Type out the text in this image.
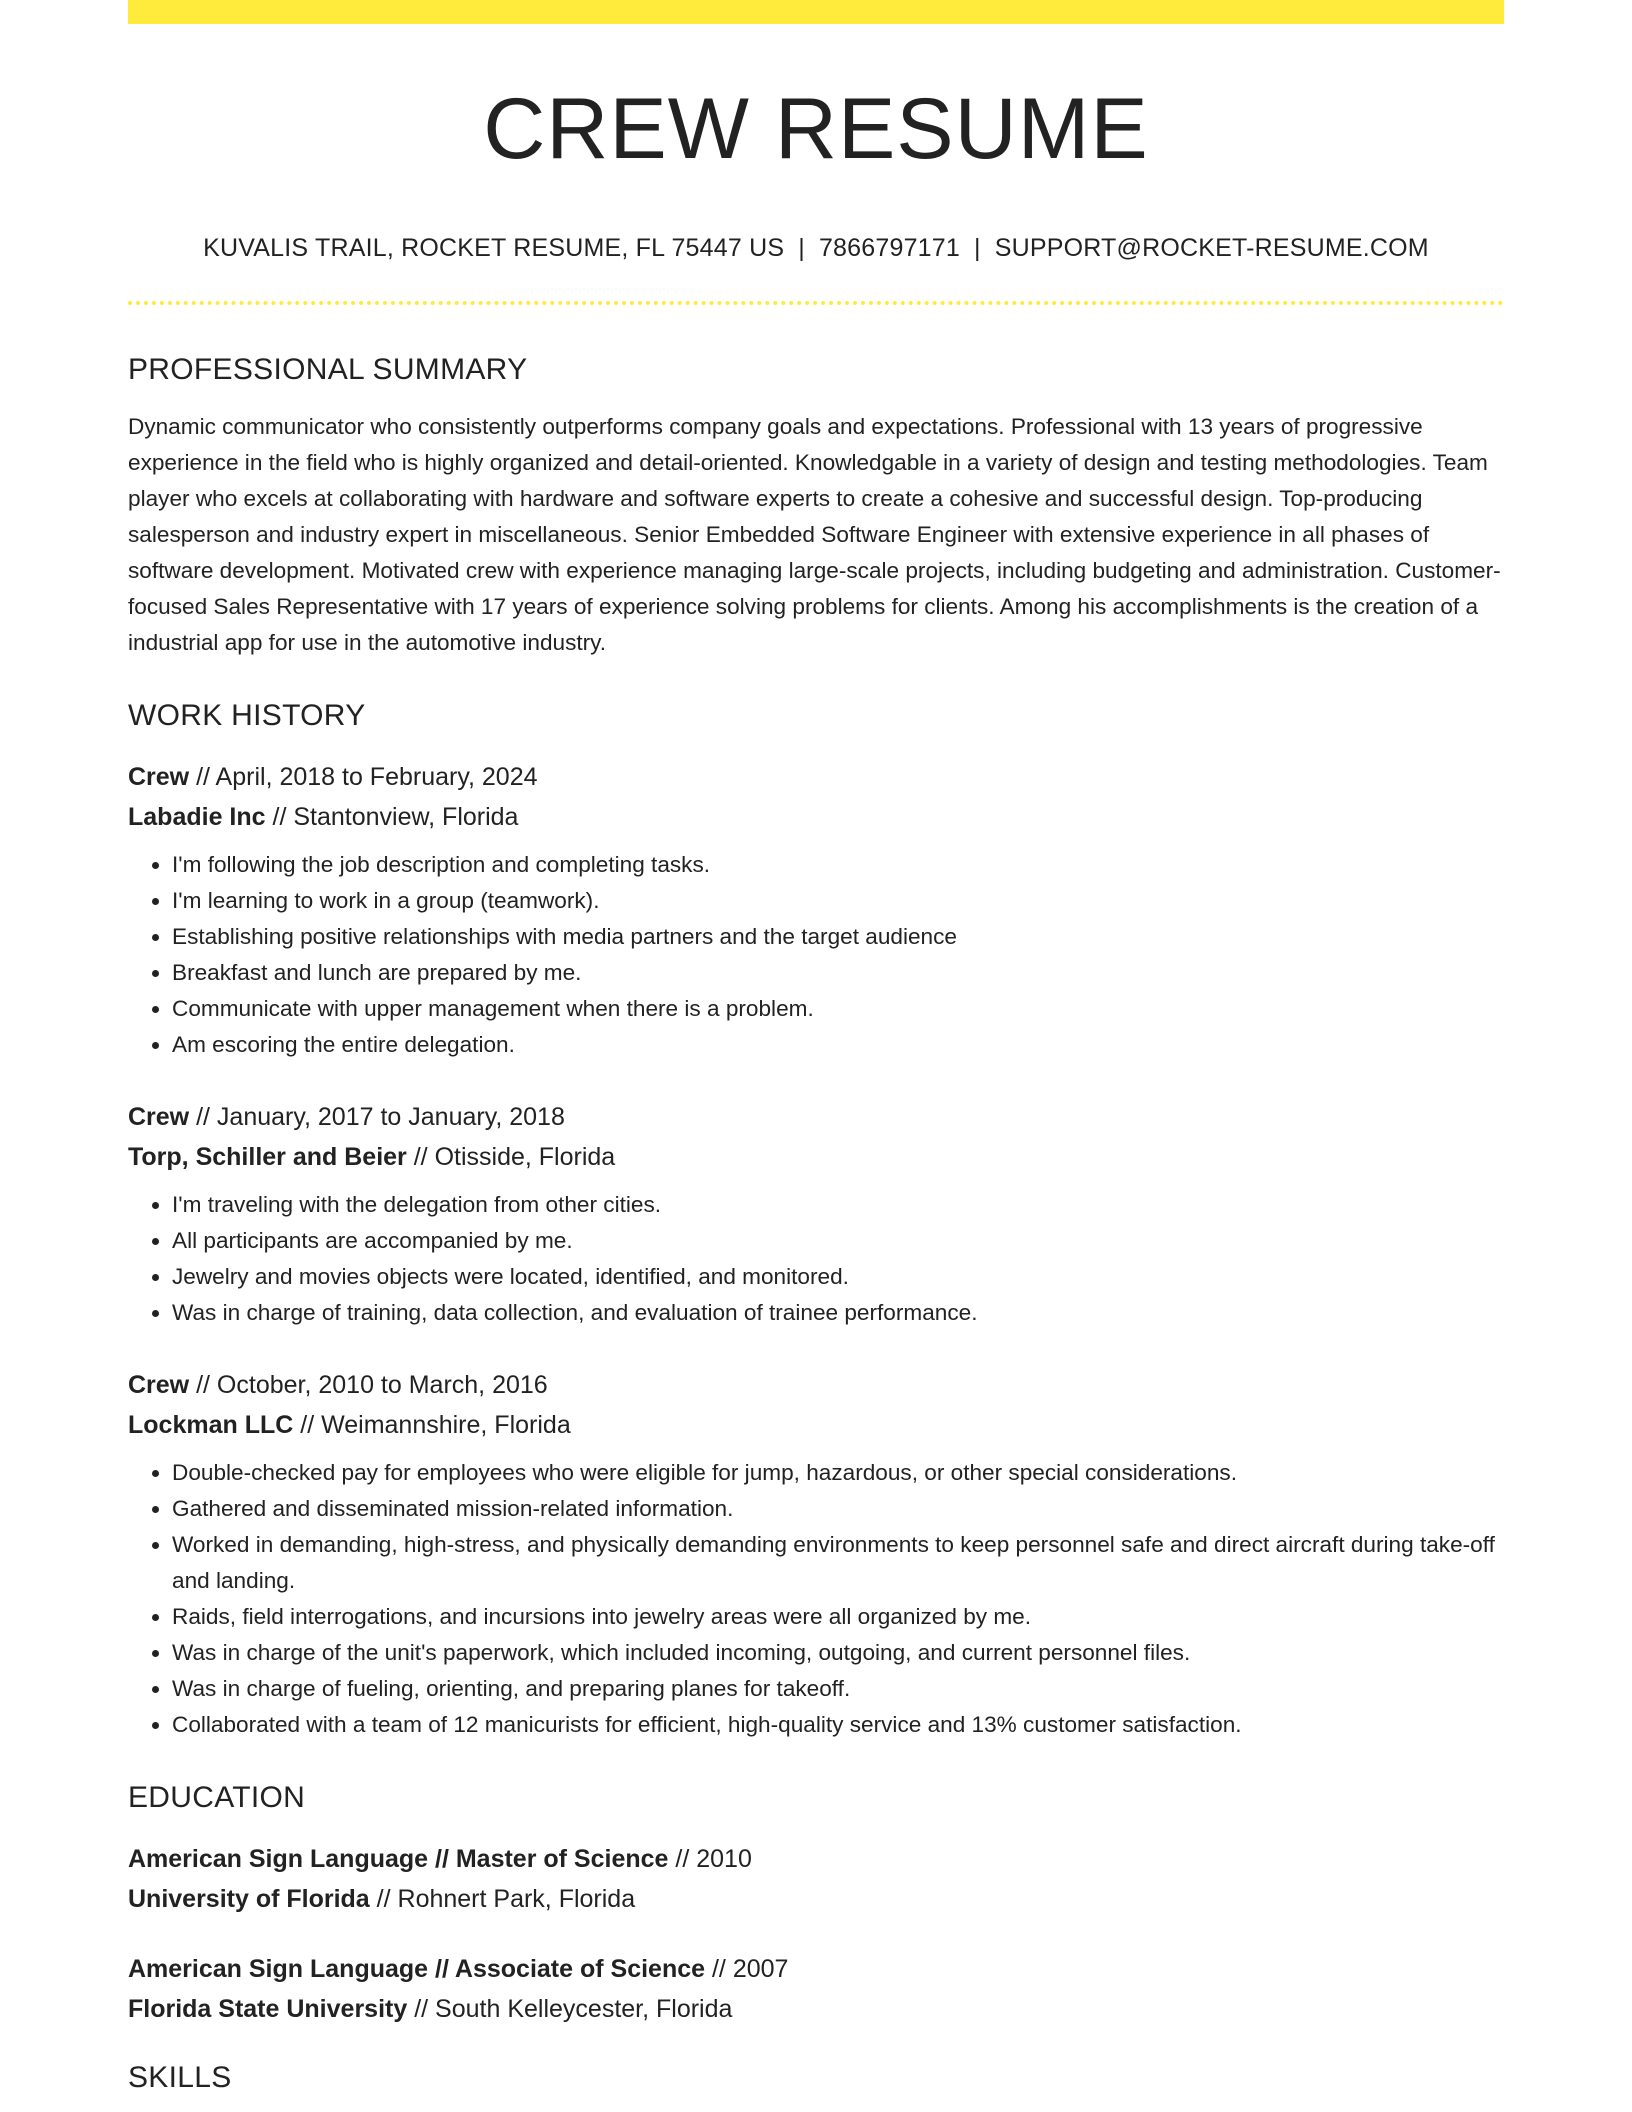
CREW RESUME
KUVALIS TRAIL, ROCKET RESUME, FL 75447 US | 7866797171 | SUPPORT@ROCKET-RESUME.COM
PROFESSIONAL SUMMARY

Dynamic communicator who consistently outperforms company goals and expectations. Professional with 13 years of progressive experience in the field who is highly organized and detail-oriented. Knowledgable in a variety of design and testing methodologies. Team player who excels at collaborating with hardware and software experts to create a cohesive and successful design. Top-producing salesperson and industry expert in miscellaneous. Senior Embedded Software Engineer with extensive experience in all phases of software development. Motivated crew with experience managing large-scale projects, including budgeting and administration. Customer-focused Sales Representative with 17 years of experience solving problems for clients. Among his accomplishments is the creation of a industrial app for use in the automotive industry.

WORK HISTORY
Crew // April, 2018 to February, 2024
Labadie Inc // Stantonview, Florida
• I'm following the job description and completing tasks.
• I'm learning to work in a group (teamwork).
• Establishing positive relationships with media partners and the target audience
• Breakfast and lunch are prepared by me.
• Communicate with upper management when there is a problem.
• Am escoring the entire delegation.
Crew // January, 2017 to January, 2018
Torp, Schiller and Beier // Otisside, Florida
• I'm traveling with the delegation from other cities.
• All participants are accompanied by me.
• Jewelry and movies objects were located, identified, and monitored.
• Was in charge of training, data collection, and evaluation of trainee performance.
Crew // October, 2010 to March, 2016
Lockman LLC // Weimannshire, Florida
• Double-checked pay for employees who were eligible for jump, hazardous, or other special considerations.
• Gathered and disseminated mission-related information.
• Worked in demanding, high-stress, and physically demanding environments to keep personnel safe and direct aircraft during take-off and landing.
• Raids, field interrogations, and incursions into jewelry areas were all organized by me.
• Was in charge of the unit's paperwork, which included incoming, outgoing, and current personnel files.
• Was in charge of fueling, orienting, and preparing planes for takeoff.
• Collaborated with a team of 12 manicurists for efficient, high-quality service and 13% customer satisfaction.
EDUCATION
American Sign Language // Master of Science // 2010
University of Florida // Rohnert Park, Florida
American Sign Language // Associate of Science // 2007
Florida State University // South Kelleycester, Florida
SKILLS
